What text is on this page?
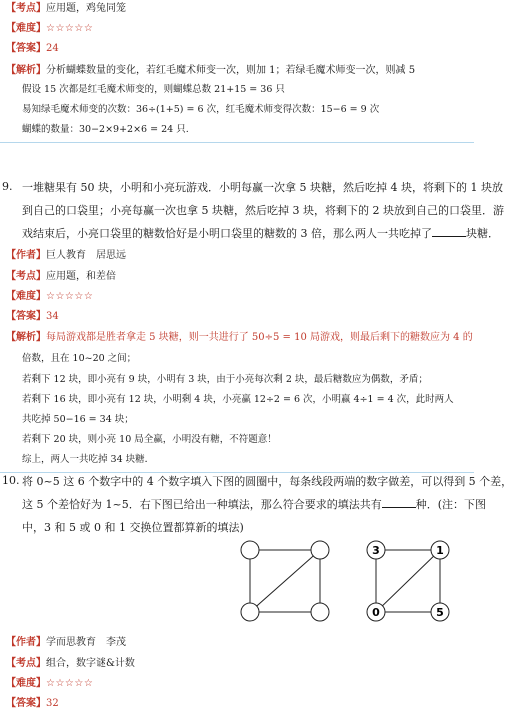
【考点】应用题，鸡兔同笼
【难度】☆☆☆☆☆
【答案】24
【解析】分析蝴蝶数量的变化，若红毛魔术师变一次，则加 1；若绿毛魔术师变一次，则减 5
假设 15 次都是红毛魔术师变的，则蝴蝶总数 21+15 = 36 只
易知绿毛魔术师变的次数：36÷(1+5) = 6 次，红毛魔术师变得次数：15−6 = 9 次
蝴蝶的数量：30−2×9+2×6 = 24 只.
9. 一堆糖果有 50 块，小明和小亮玩游戏．小明每赢一次拿 5 块糖，然后吃掉 4 块，将剩下的 1 块放
到自己的口袋里；小亮每赢一次也拿 5 块糖，然后吃掉 3 块，将剩下的 2 块放到自己的口袋里．游
戏结束后，小亮口袋里的糖数恰好是小明口袋里的糖数的 3 倍，那么两人一共吃掉了	块糖．
【作者】巨人教育　居思远
【考点】应用题，和差倍
【难度】☆☆☆☆☆
【答案】34
【解析】每局游戏都是胜者拿走 5 块糖，则一共进行了 50÷5 = 10 局游戏，则最后剩下的糖数应为 4 的
倍数，且在 10~20 之间；
若剩下 12 块，即小亮有 9 块，小明有 3 块，由于小亮每次剩 2 块，最后糖数应为偶数，矛盾；
若剩下 16 块，即小亮有 12 块，小明剩 4 块，小亮赢 12÷2 = 6 次，小明赢 4÷1 = 4 次，此时两人
共吃掉 50−16 = 34 块；
若剩下 20 块，则小亮 10 局全赢，小明没有糖，不符题意！
综上，两人一共吃掉 34 块糖．
10. 将 0~5 这 6 个数字中的 4 个数字填入下图的圆圈中，每条线段两端的数字做差，可以得到 5 个差，
这 5 个差恰好为 1~5．右下图已给出一种填法，那么符合要求的填法共有	种．(注：下图
中，3 和 5 或 0 和 1 交换位置都算新的填法)
3	1
0	5
【作者】学而思教育　李茂
【考点】组合，数字谜&计数
【难度】☆☆☆☆☆
【答案】32
